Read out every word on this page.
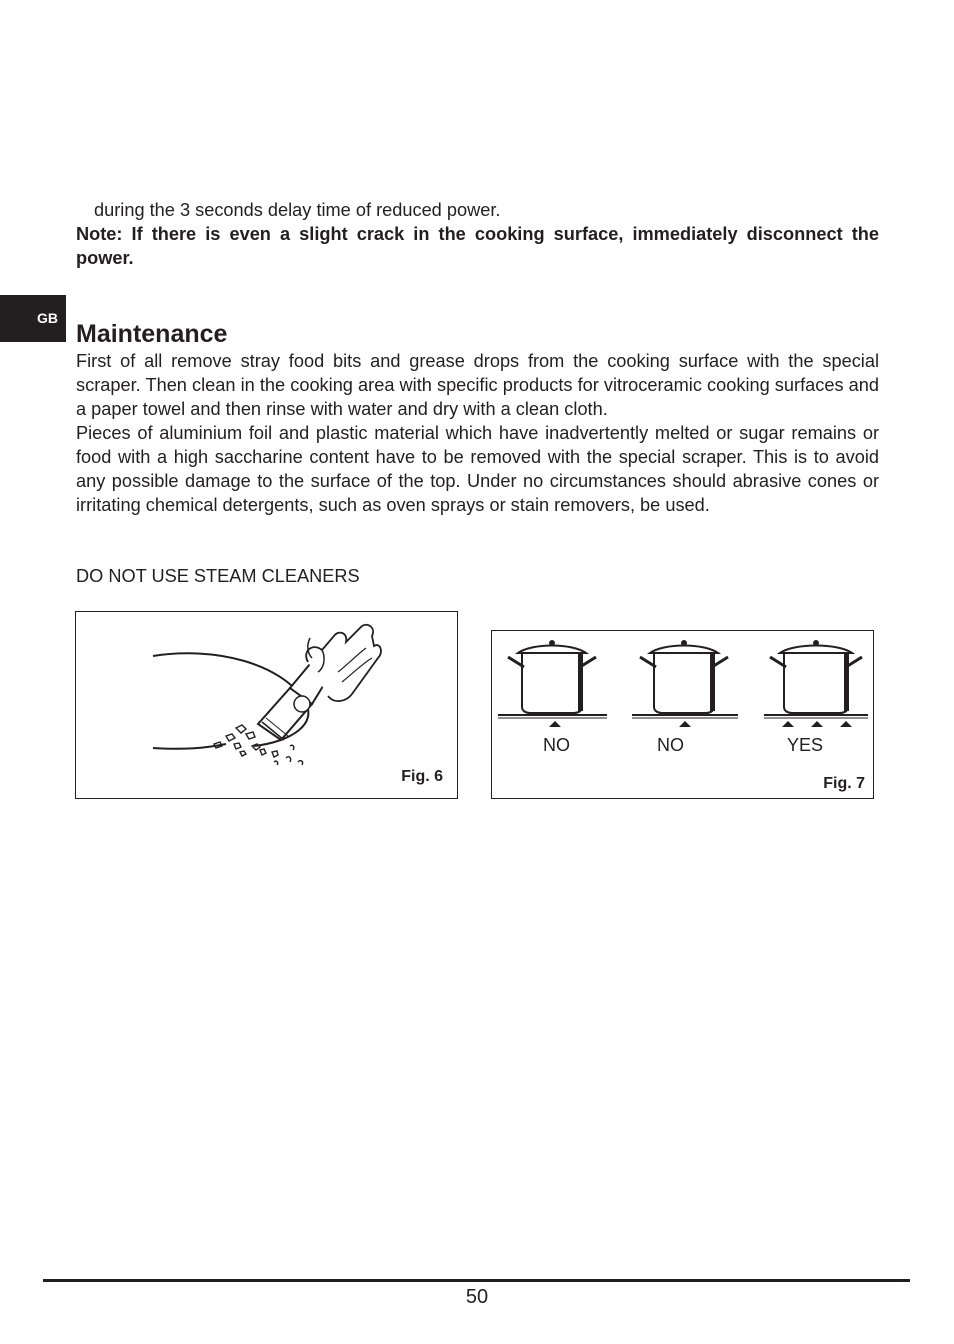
during the 3 seconds delay time of reduced power.

Note: If there is even a slight crack in the cooking surface, immediately disconnect the power.

GB
Maintenance

First of all remove stray food bits and grease drops from the cooking surface with the special scraper. Then clean in the cooking area with specific products for vitroceramic cooking surfaces and a paper towel and then rinse with water and dry with a clean cloth.

Pieces of aluminium foil and plastic material which have inadvertently melted or sugar remains or food with a high saccharine content have to be removed with the special scraper. This is to avoid any possible damage to the surface of the top. Under no circumstances should abrasive cones or irritating chemical detergents, such as oven sprays or stain removers, be used.

DO NOT USE STEAM CLEANERS

Fig. 6

NO	NO	YES

Fig. 7

50
